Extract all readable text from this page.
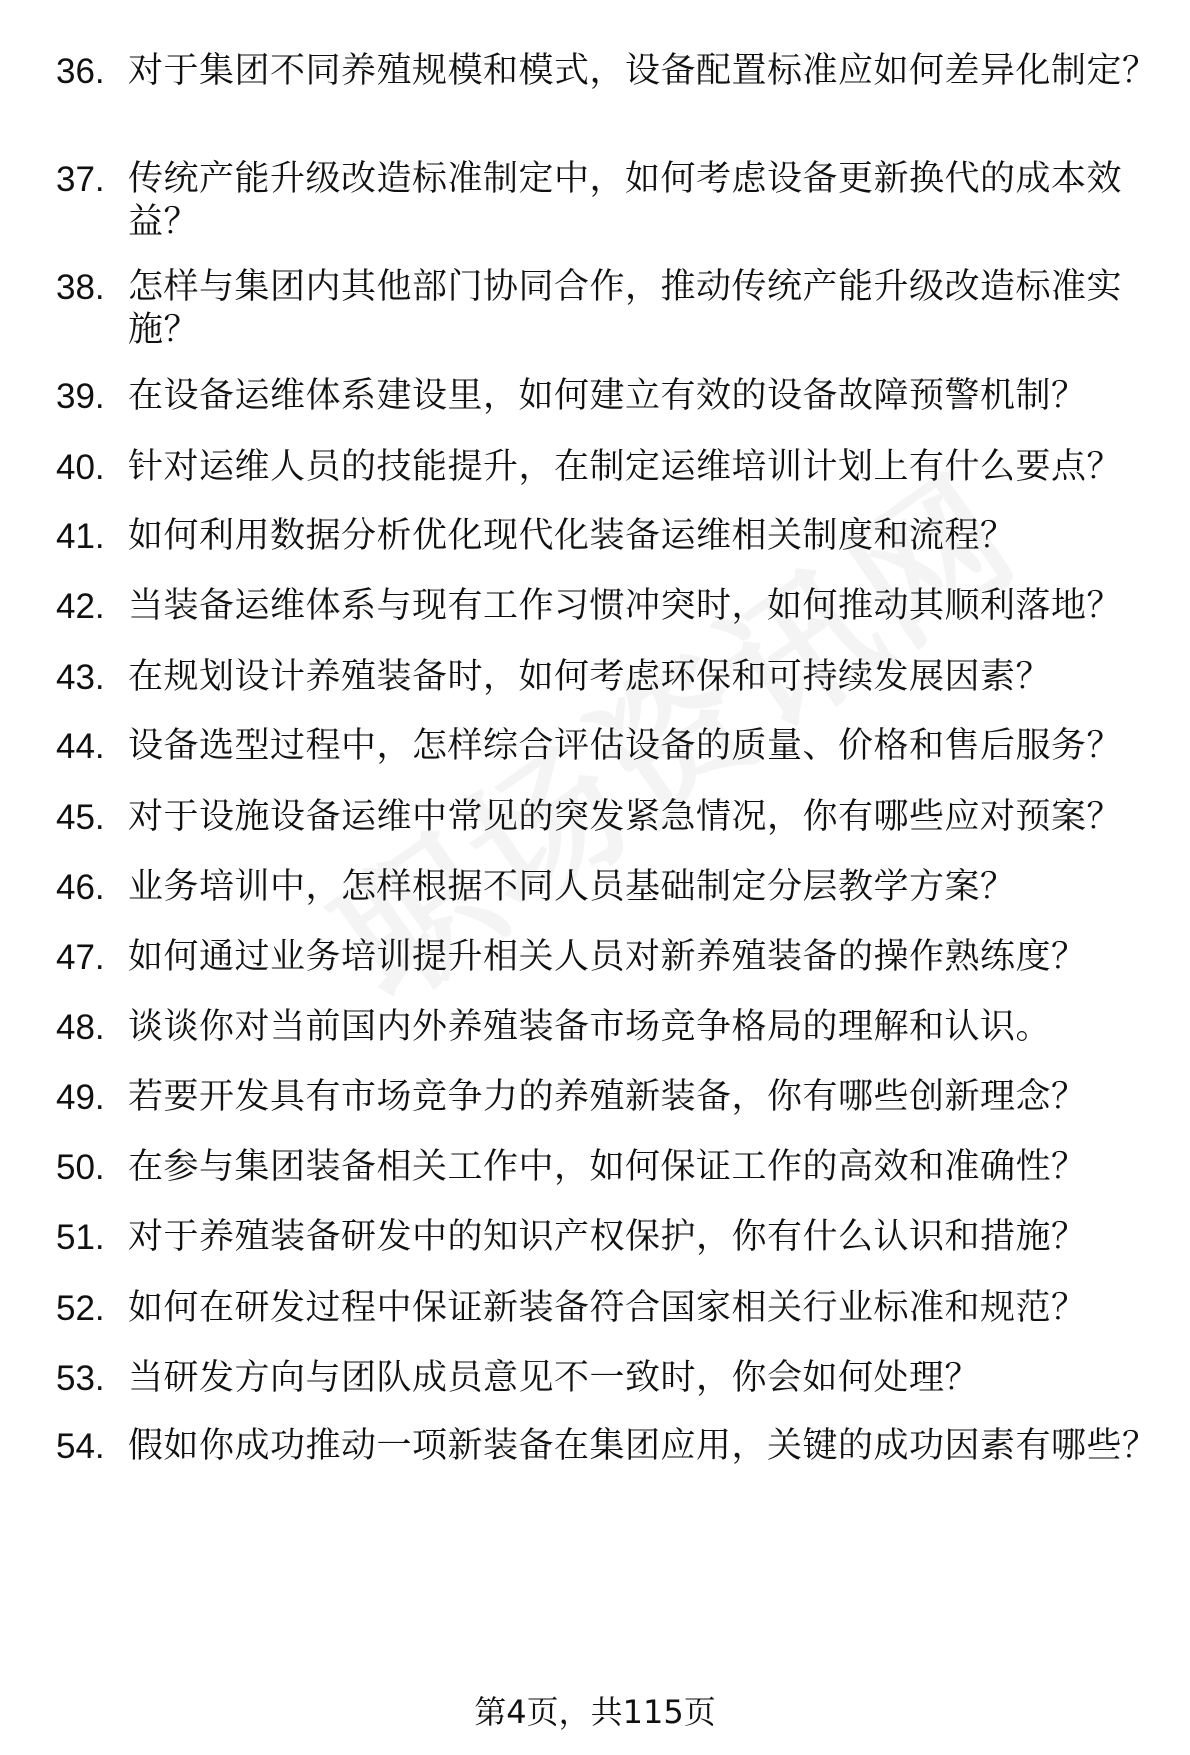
36. 对于集团不同养殖规模和模式，设备配置标准应如何差异化制定？
37. 传统产能升级改造标准制定中，如何考虑设备更新换代的成本效益？
38. 怎样与集团内其他部门协同合作，推动传统产能升级改造标准实施？
39. 在设备运维体系建设里，如何建立有效的设备故障预警机制？
40. 针对运维人员的技能提升，在制定运维培训计划上有什么要点？
41. 如何利用数据分析优化现代化装备运维相关制度和流程？
42. 当装备运维体系与现有工作习惯冲突时，如何推动其顺利落地？
43. 在规划设计养殖装备时，如何考虑环保和可持续发展因素？
44. 设备选型过程中，怎样综合评估设备的质量、价格和售后服务？
45. 对于设施设备运维中常见的突发紧急情况，你有哪些应对预案？
46. 业务培训中，怎样根据不同人员基础制定分层教学方案？
47. 如何通过业务培训提升相关人员对新养殖装备的操作熟练度？
48. 谈谈你对当前国内外养殖装备市场竞争格局的理解和认识。
49. 若要开发具有市场竞争力的养殖新装备，你有哪些创新理念？
50. 在参与集团装备相关工作中，如何保证工作的高效和准确性？
51. 对于养殖装备研发中的知识产权保护，你有什么认识和措施？
52. 如何在研发过程中保证新装备符合国家相关行业标准和规范？
53. 当研发方向与团队成员意见不一致时，你会如何处理？
54. 假如你成功推动一项新装备在集团应用，关键的成功因素有哪些？
第4页，共115页
